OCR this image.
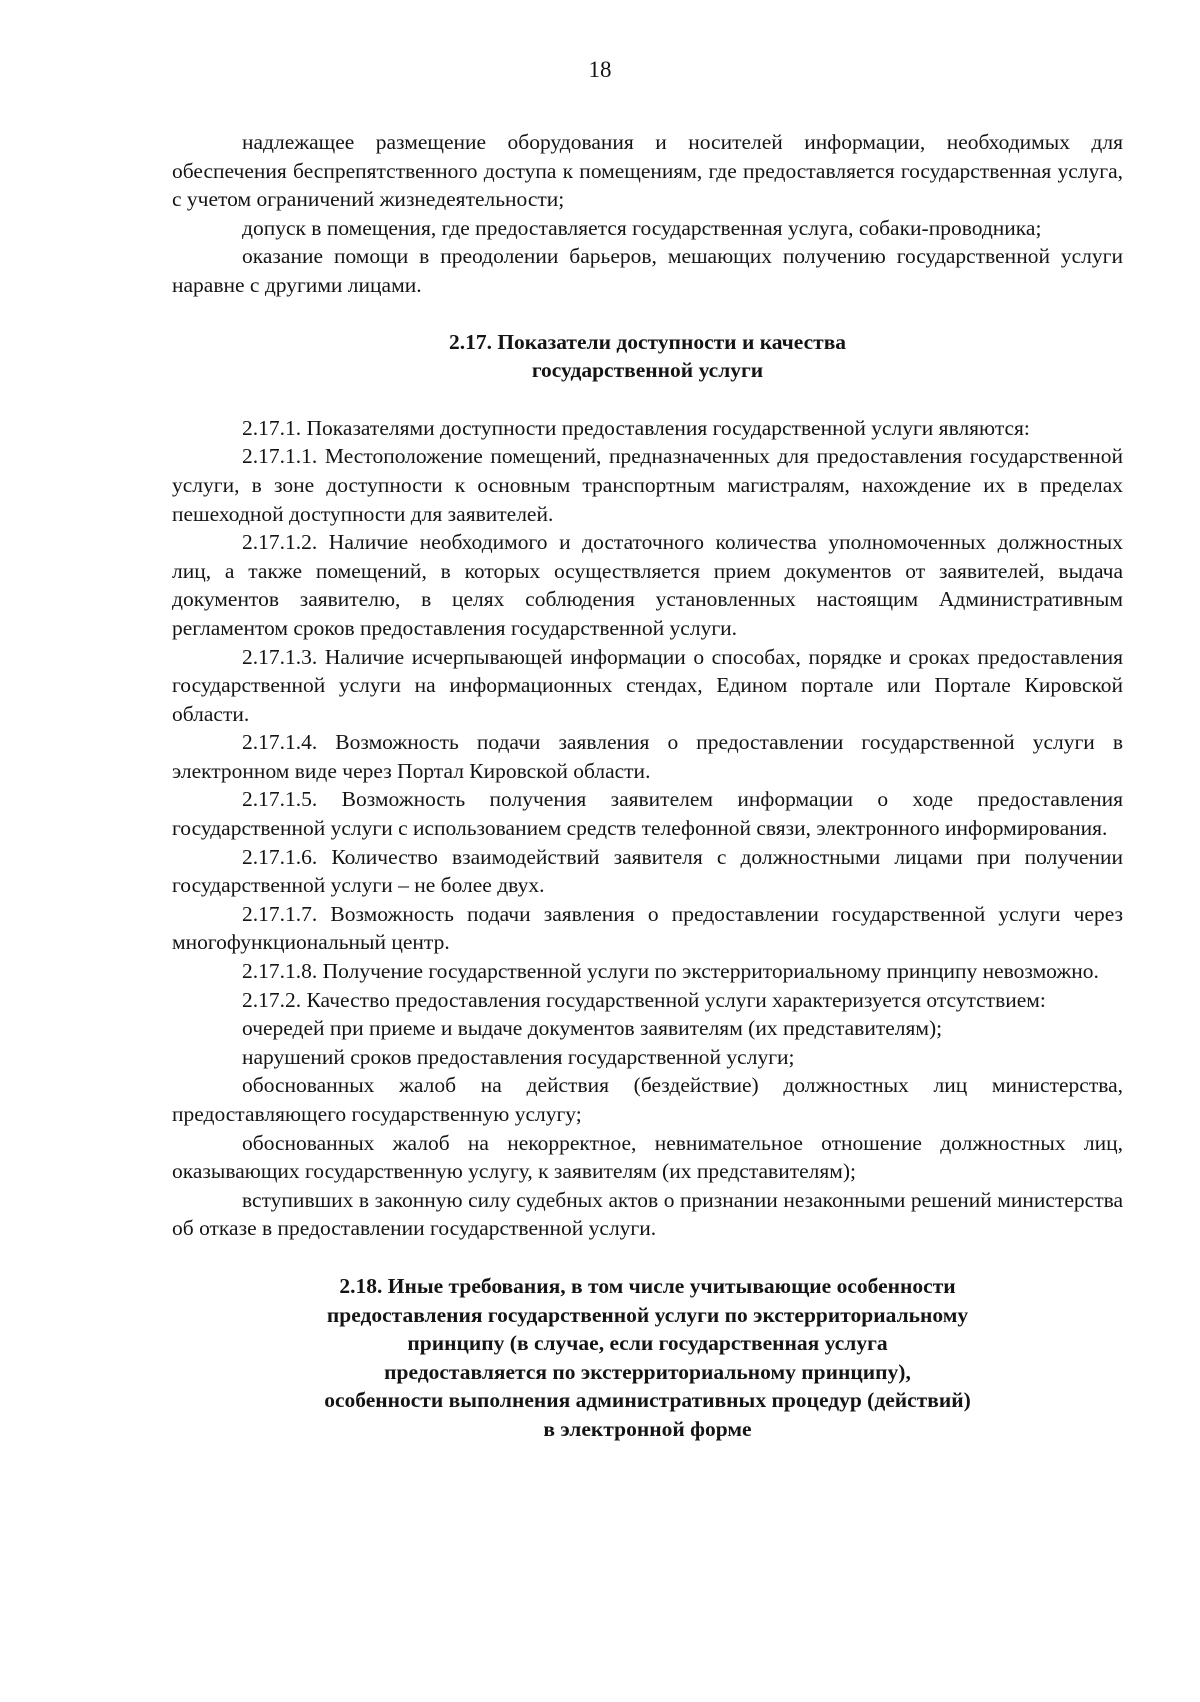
18

надлежащее размещение оборудования и носителей информации, необходимых для обеспечения беспрепятственного доступа к помещениям, где предоставляется государственная услуга, с учетом ограничений жизнедеятельности;

допуск в помещения, где предоставляется государственная услуга, собаки-проводника;

оказание помощи в преодолении барьеров, мешающих получению государственной услуги наравне с другими лицами.

2.17. Показатели доступности и качества
государственной услуги

2.17.1. Показателями доступности предоставления государственной услуги являются:

2.17.1.1. Местоположение помещений, предназначенных для предоставления государственной услуги, в зоне доступности к основным транспортным магистралям, нахождение их в пределах пешеходной доступности для заявителей.

2.17.1.2. Наличие необходимого и достаточного количества уполномоченных должностных лиц, а также помещений, в которых осуществляется прием документов от заявителей, выдача документов заявителю, в целях соблюдения установленных настоящим Административным регламентом сроков предоставления государственной услуги.

2.17.1.3. Наличие исчерпывающей информации о способах, порядке и сроках предоставления государственной услуги на информационных стендах, Едином портале или Портале Кировской области.

2.17.1.4. Возможность подачи заявления о предоставлении государственной услуги в электронном виде через Портал Кировской области.

2.17.1.5. Возможность получения заявителем информации о ходе предоставления государственной услуги с использованием средств телефонной связи, электронного информирования.

2.17.1.6. Количество взаимодействий заявителя с должностными лицами при получении государственной услуги – не более двух.

2.17.1.7. Возможность подачи заявления о предоставлении государственной услуги через многофункциональный центр.

2.17.1.8. Получение государственной услуги по экстерриториальному принципу невозможно.

2.17.2. Качество предоставления государственной услуги характеризуется отсутствием:

очередей при приеме и выдаче документов заявителям (их представителям);

нарушений сроков предоставления государственной услуги;

обоснованных жалоб на действия (бездействие) должностных лиц министерства, предоставляющего государственную услугу;

обоснованных жалоб на некорректное, невнимательное отношение должностных лиц, оказывающих государственную услугу, к заявителям (их представителям);

вступивших в законную силу судебных актов о признании незаконными решений министерства об отказе в предоставлении государственной услуги.

2.18. Иные требования, в том числе учитывающие особенности
предоставления государственной услуги по экстерриториальному
принципу (в случае, если государственная услуга
предоставляется по экстерриториальному принципу),
особенности выполнения административных процедур (действий)
в электронной форме
